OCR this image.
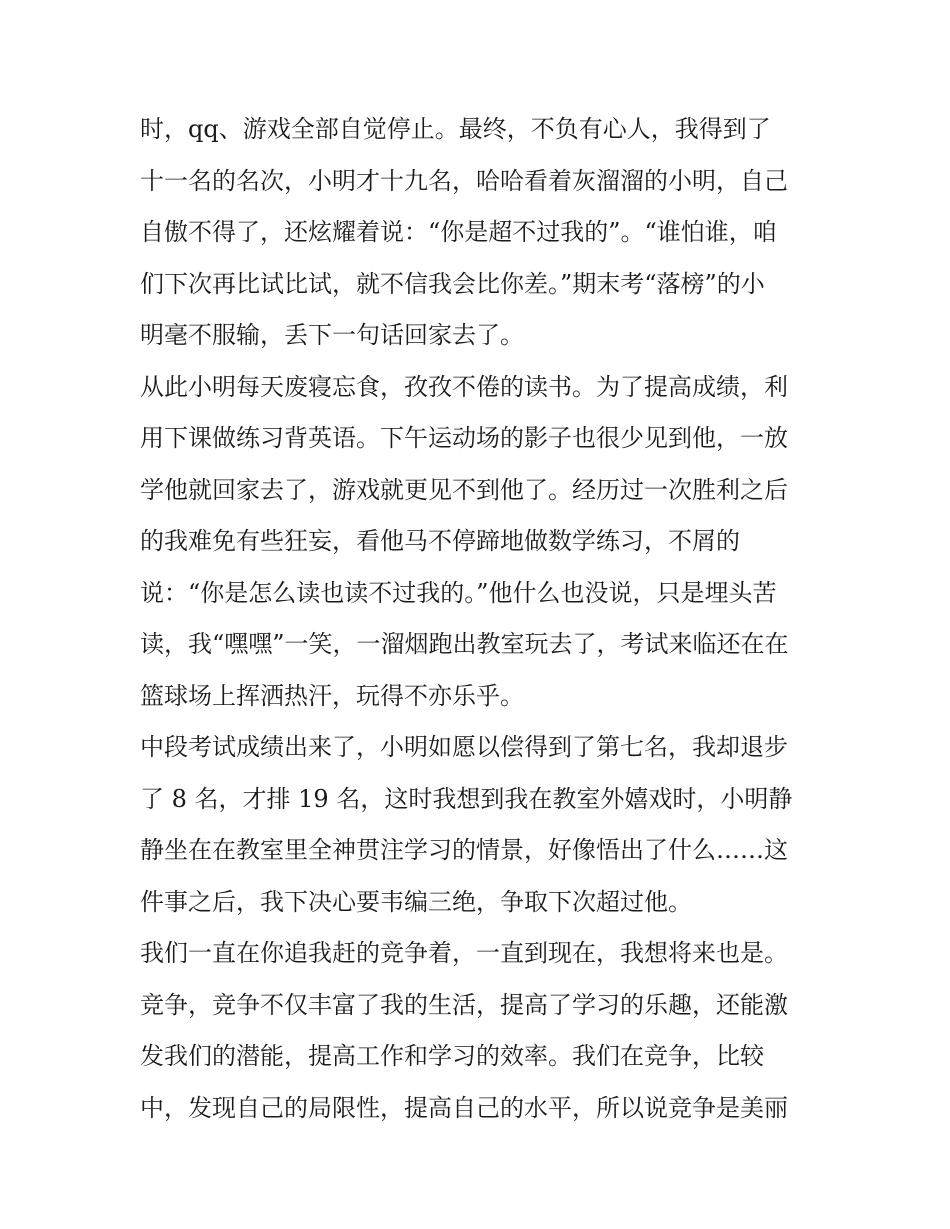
时，qq、游戏全部自觉停止。最终，不负有心人，我得到了
十一名的名次，小明才十九名，哈哈看着灰溜溜的小明，自己
自傲不得了，还炫耀着说：“你是超不过我的”。“谁怕谁，咱
们下次再比试比试，就不信我会比你差。”期末考“落榜”的小
明毫不服输，丢下一句话回家去了。
从此小明每天废寝忘食，孜孜不倦的读书。为了提高成绩，利
用下课做练习背英语。下午运动场的影子也很少见到他，一放
学他就回家去了，游戏就更见不到他了。经历过一次胜利之后
的我难免有些狂妄，看他马不停蹄地做数学练习，不屑的
说：“你是怎么读也读不过我的。”他什么也没说，只是埋头苦
读，我“嘿嘿”一笑，一溜烟跑出教室玩去了，考试来临还在在
篮球场上挥洒热汗，玩得不亦乐乎。
中段考试成绩出来了，小明如愿以偿得到了第七名，我却退步
了 8 名，才排 19 名，这时我想到我在教室外嬉戏时，小明静
静坐在在教室里全神贯注学习的情景，好像悟出了什么……这
件事之后，我下决心要韦编三绝，争取下次超过他。
我们一直在你追我赶的竞争着，一直到现在，我想将来也是。
竞争，竞争不仅丰富了我的生活，提高了学习的乐趣，还能激
发我们的潜能，提高工作和学习的效率。我们在竞争，比较
中，发现自己的局限性，提高自己的水平，所以说竞争是美丽
